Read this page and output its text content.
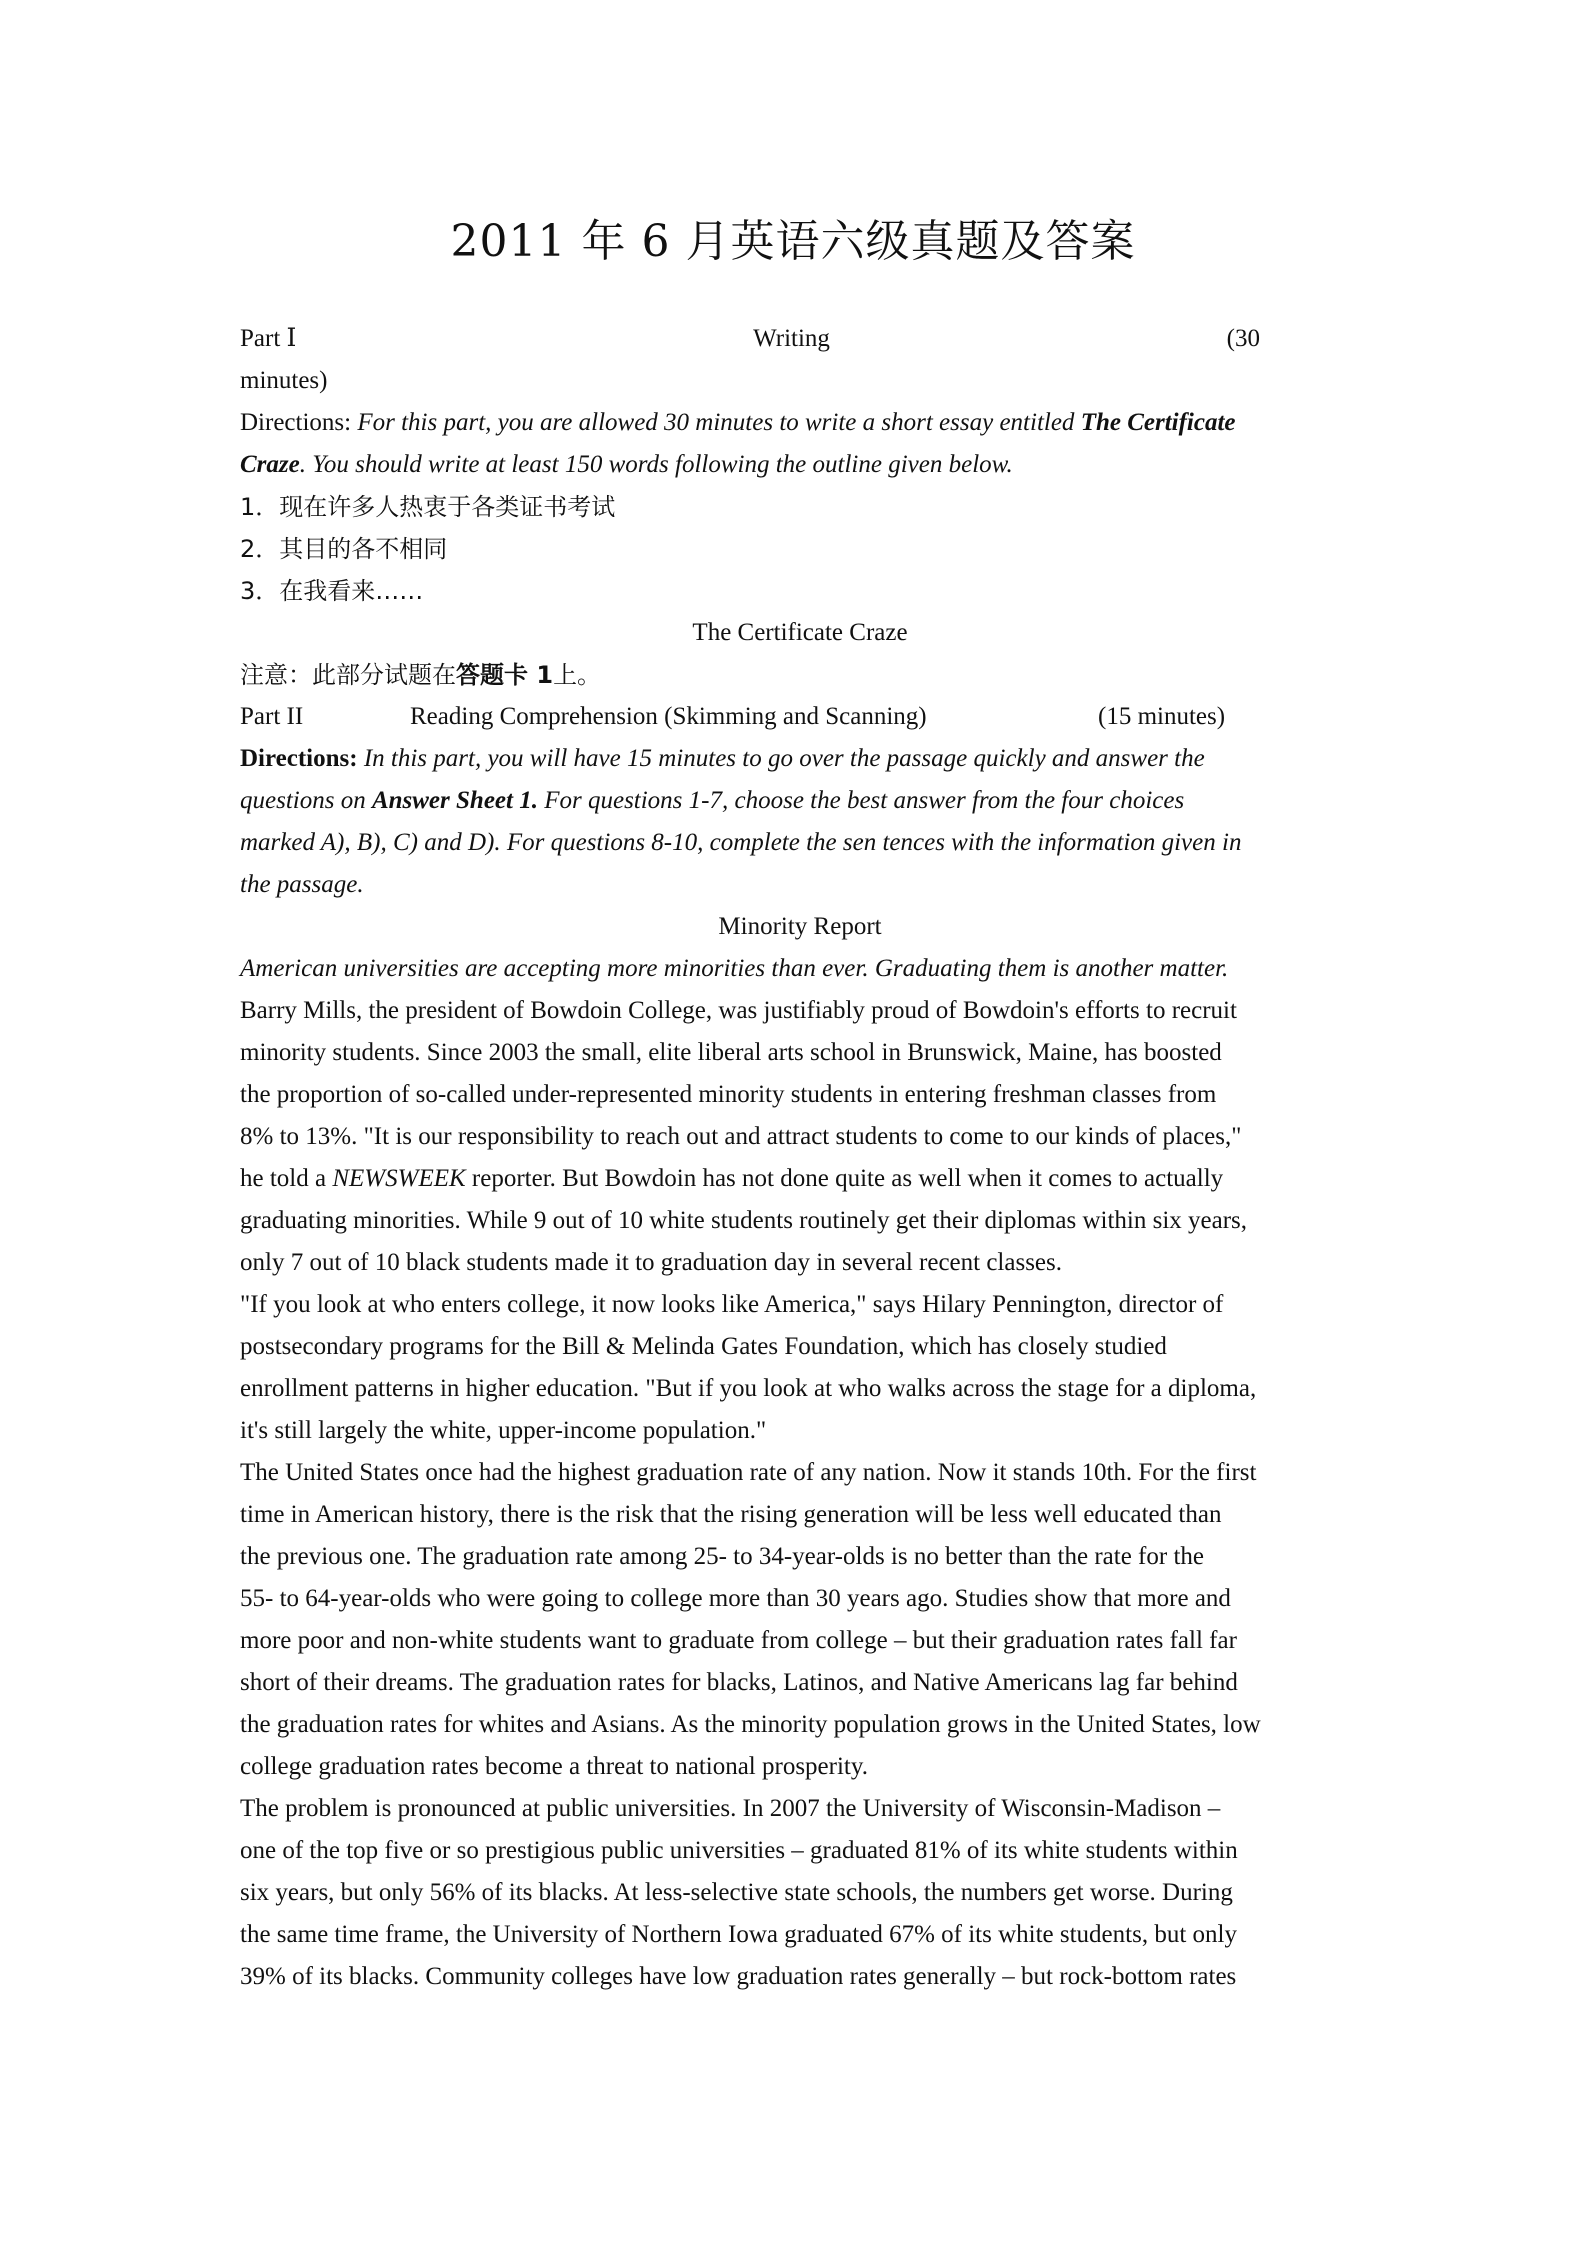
2011 年 6 月英语六级真题及答案
Part Ⅰ	Writing	(30
minutes)
Directions: For this part, you are allowed 30 minutes to write a short essay entitled The Certificate
Craze. You should write at least 150 words following the outline given below.
1．现在许多人热衷于各类证书考试
2．其目的各不相同
3．在我看来……
The Certificate Craze
注意：此部分试题在答题卡 1上。
Part II	Reading Comprehension (Skimming and Scanning)	(15 minutes)
Directions: In this part, you will have 15 minutes to go over the passage quickly and answer the
questions on Answer Sheet 1. For questions 1-7, choose the best answer from the four choices
marked A), B), C) and D). For questions 8-10, complete the sen tences with the information given in
the passage.
Minority Report
American universities are accepting more minorities than ever. Graduating them is another matter.
Barry Mills, the president of Bowdoin College, was justifiably proud of Bowdoin's efforts to recruit
minority students. Since 2003 the small, elite liberal arts school in Brunswick, Maine, has boosted
the proportion of so-called under-represented minority students in entering freshman classes from
8% to 13%. "It is our responsibility to reach out and attract students to come to our kinds of places,"
he told a NEWSWEEK reporter. But Bowdoin has not done quite as well when it comes to actually
graduating minorities. While 9 out of 10 white students routinely get their diplomas within six years,
only 7 out of 10 black students made it to graduation day in several recent classes.
"If you look at who enters college, it now looks like America," says Hilary Pennington, director of
postsecondary programs for the Bill & Melinda Gates Foundation, which has closely studied
enrollment patterns in higher education. "But if you look at who walks across the stage for a diploma,
it's still largely the white, upper-income population."
The United States once had the highest graduation rate of any nation. Now it stands 10th. For the first
time in American history, there is the risk that the rising generation will be less well educated than
the previous one. The graduation rate among 25- to 34-year-olds is no better than the rate for the
55- to 64-year-olds who were going to college more than 30 years ago. Studies show that more and
more poor and non-white students want to graduate from college – but their graduation rates fall far
short of their dreams. The graduation rates for blacks, Latinos, and Native Americans lag far behind
the graduation rates for whites and Asians. As the minority population grows in the United States, low
college graduation rates become a threat to national prosperity.
The problem is pronounced at public universities. In 2007 the University of Wisconsin-Madison –
one of the top five or so prestigious public universities – graduated 81% of its white students within
six years, but only 56% of its blacks. At less-selective state schools, the numbers get worse. During
the same time frame, the University of Northern Iowa graduated 67% of its white students, but only
39% of its blacks. Community colleges have low graduation rates generally – but rock-bottom rates
